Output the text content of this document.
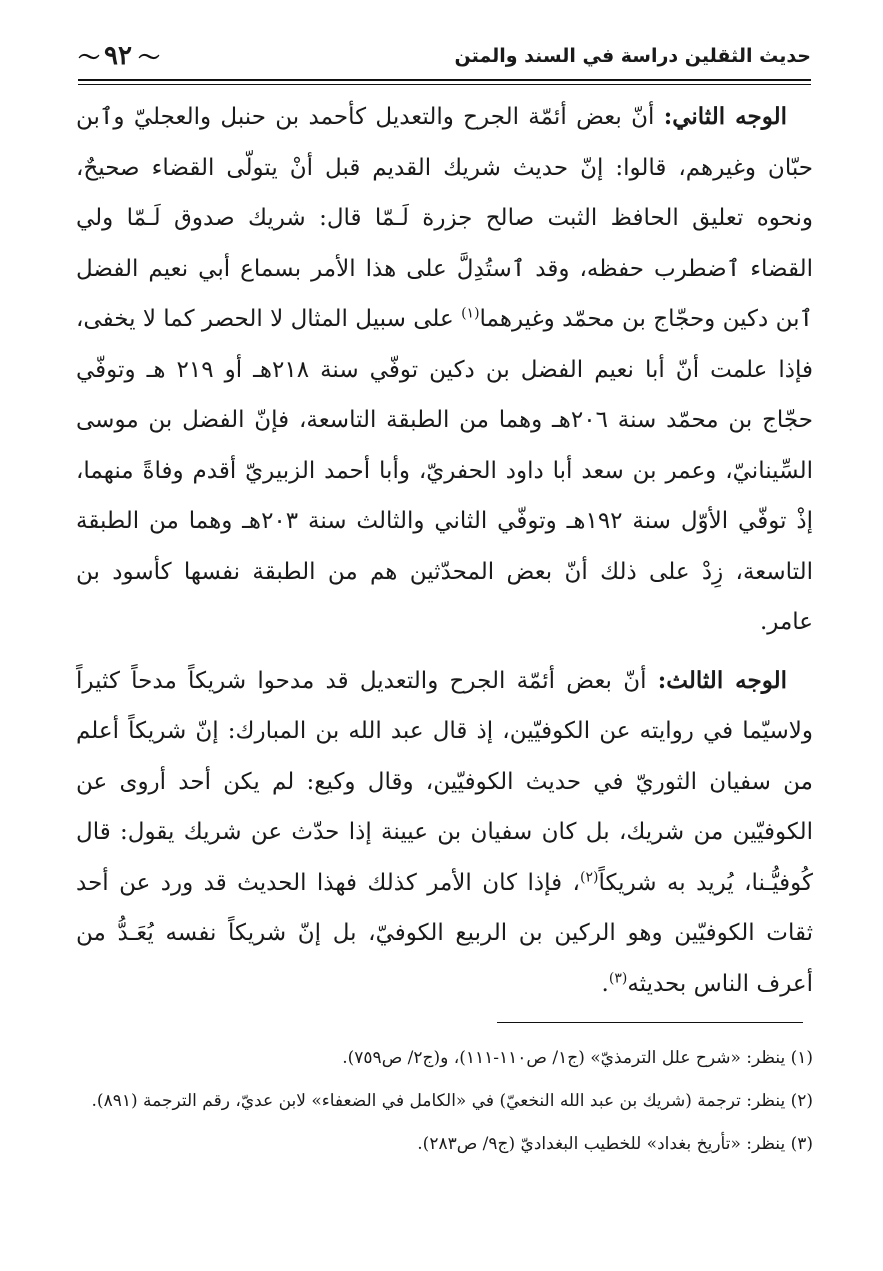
حديث الثقلين دراسة في السند والمتن
〜
٩٢
〜

الوجه الثاني: أنّ بعض أئمّة الجرح والتعديل كأحمد بن حنبل والعجليّ وٱبن حبّان وغيرهم، قالوا: إنّ حديث شريك القديم قبل أنْ يتولّى القضاء صحيحٌ، ونحوه تعليق الحافظ الثبت صالح جزرة لَـمّا قال: شريك صدوق لَـمّا ولي القضاء ٱضطرب حفظه، وقد ٱستُدِلَّ على هذا الأمر بسماع أبي نعيم الفضل ٱبن دكين وحجّاج بن محمّد وغيرهما$^{(١)}$ على سبيل المثال لا الحصر كما لا يخفى، فإذا علمت أنّ أبا نعيم الفضل بن دكين توفّي سنة ٢١٨هـ أو ٢١٩ هـ وتوفّي حجّاج بن محمّد سنة ٢٠٦هـ وهما من الطبقة التاسعة، فإنّ الفضل بن موسى السِّينانيّ، وعمر بن سعد أبا داود الحفريّ، وأبا أحمد الزبيريّ أقدم وفاةً منهما، إذْ توفّي الأوّل سنة ١٩٢هـ وتوفّي الثاني والثالث سنة ٢٠٣هـ وهما من الطبقة التاسعة، زِدْ على ذلك أنّ بعض المحدّثين هم من الطبقة نفسها كأسود بن عامر.

الوجه الثالث: أنّ بعض أئمّة الجرح والتعديل قد مدحوا شريكاً مدحاً كثيراً ولاسيّما في روايته عن الكوفيّين، إذ قال عبد الله بن المبارك: إنّ شريكاً أعلم من سفيان الثوريّ في حديث الكوفيّين، وقال وكيع: لم يكن أحد أروى عن الكوفيّين من شريك، بل كان سفيان بن عيينة إذا حدّث عن شريك يقول: قال كُوفيُّـنا، يُريد به شريكاً$^{(٢)}$، فإذا كان الأمر كذلك فهذا الحديث قد ورد عن أحد ثقات الكوفيّين وهو الركين بن الربيع الكوفيّ، بل إنّ شريكاً نفسه يُعَـدُّ من أعرف الناس بحديثه$^{(٣)}$.

(١) ينظر: «شرح علل الترمذيّ» (ج١/ ص١١٠-١١١)، و(ج٢/ ص٧٥٩).

(٢) ينظر: ترجمة (شريك بن عبد الله النخعيّ) في «الكامل في الضعفاء» لابن عديّ، رقم الترجمة (٨٩١).

(٣) ينظر: «تأريخ بغداد» للخطيب البغداديّ (ج٩/ ص٢٨٣).
